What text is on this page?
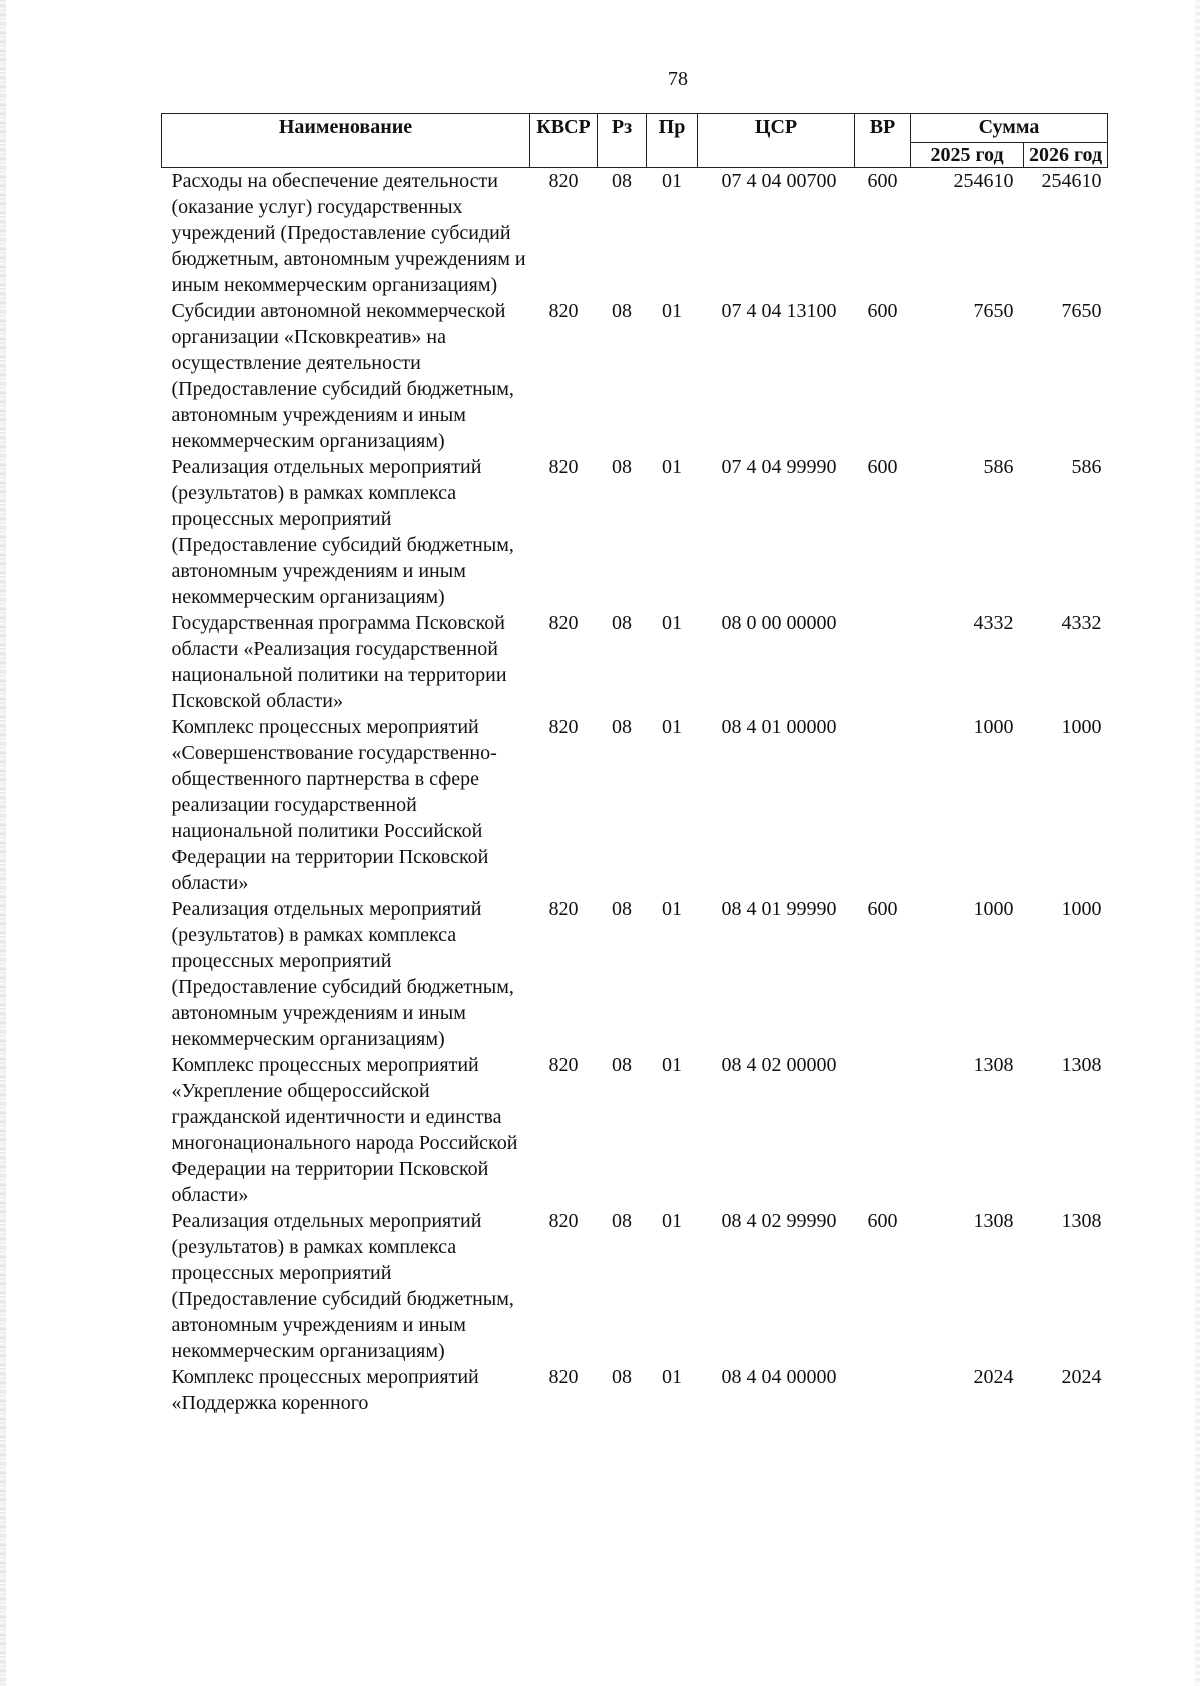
78
Наименование	КВСР	Рз	Пр	ЦСР	ВР	Сумма	
						2025 год	2026 год
Расходы на обеспечение деятельности (оказание услуг) государственных учреждений (Предоставление субсидий бюджетным, автономным учреждениям и иным некоммерческим организациям)	820	08	01	07 4 04 00700	600	254610	254610
Субсидии автономной некоммерческой организации «Псковкреатив» на осуществление деятельности (Предоставление субсидий бюджетным, автономным учреждениям и иным некоммерческим организациям)	820	08	01	07 4 04 13100	600	7650	7650
Реализация отдельных мероприятий (результатов) в рамках комплекса процессных мероприятий (Предоставление субсидий бюджетным, автономным учреждениям и иным некоммерческим организациям)	820	08	01	07 4 04 99990	600	586	586
Государственная программа Псковской области «Реализация государственной национальной политики на территории Псковской области»	820	08	01	08 0 00 00000		4332	4332
Комплекс процессных мероприятий «Совершенствование государственно-общественного партнерства в сфере реализации государственной национальной политики Российской Федерации на территории Псковской области»	820	08	01	08 4 01 00000		1000	1000
Реализация отдельных мероприятий (результатов) в рамках комплекса процессных мероприятий (Предоставление субсидий бюджетным, автономным учреждениям и иным некоммерческим организациям)	820	08	01	08 4 01 99990	600	1000	1000
Комплекс процессных мероприятий «Укрепление общероссийской гражданской идентичности и единства многонационального народа Российской Федерации на территории Псковской области»	820	08	01	08 4 02 00000		1308	1308
Реализация отдельных мероприятий (результатов) в рамках комплекса процессных мероприятий (Предоставление субсидий бюджетным, автономным учреждениям и иным некоммерческим организациям)	820	08	01	08 4 02 99990	600	1308	1308
Комплекс процессных мероприятий «Поддержка коренного	820	08	01	08 4 04 00000		2024	2024
